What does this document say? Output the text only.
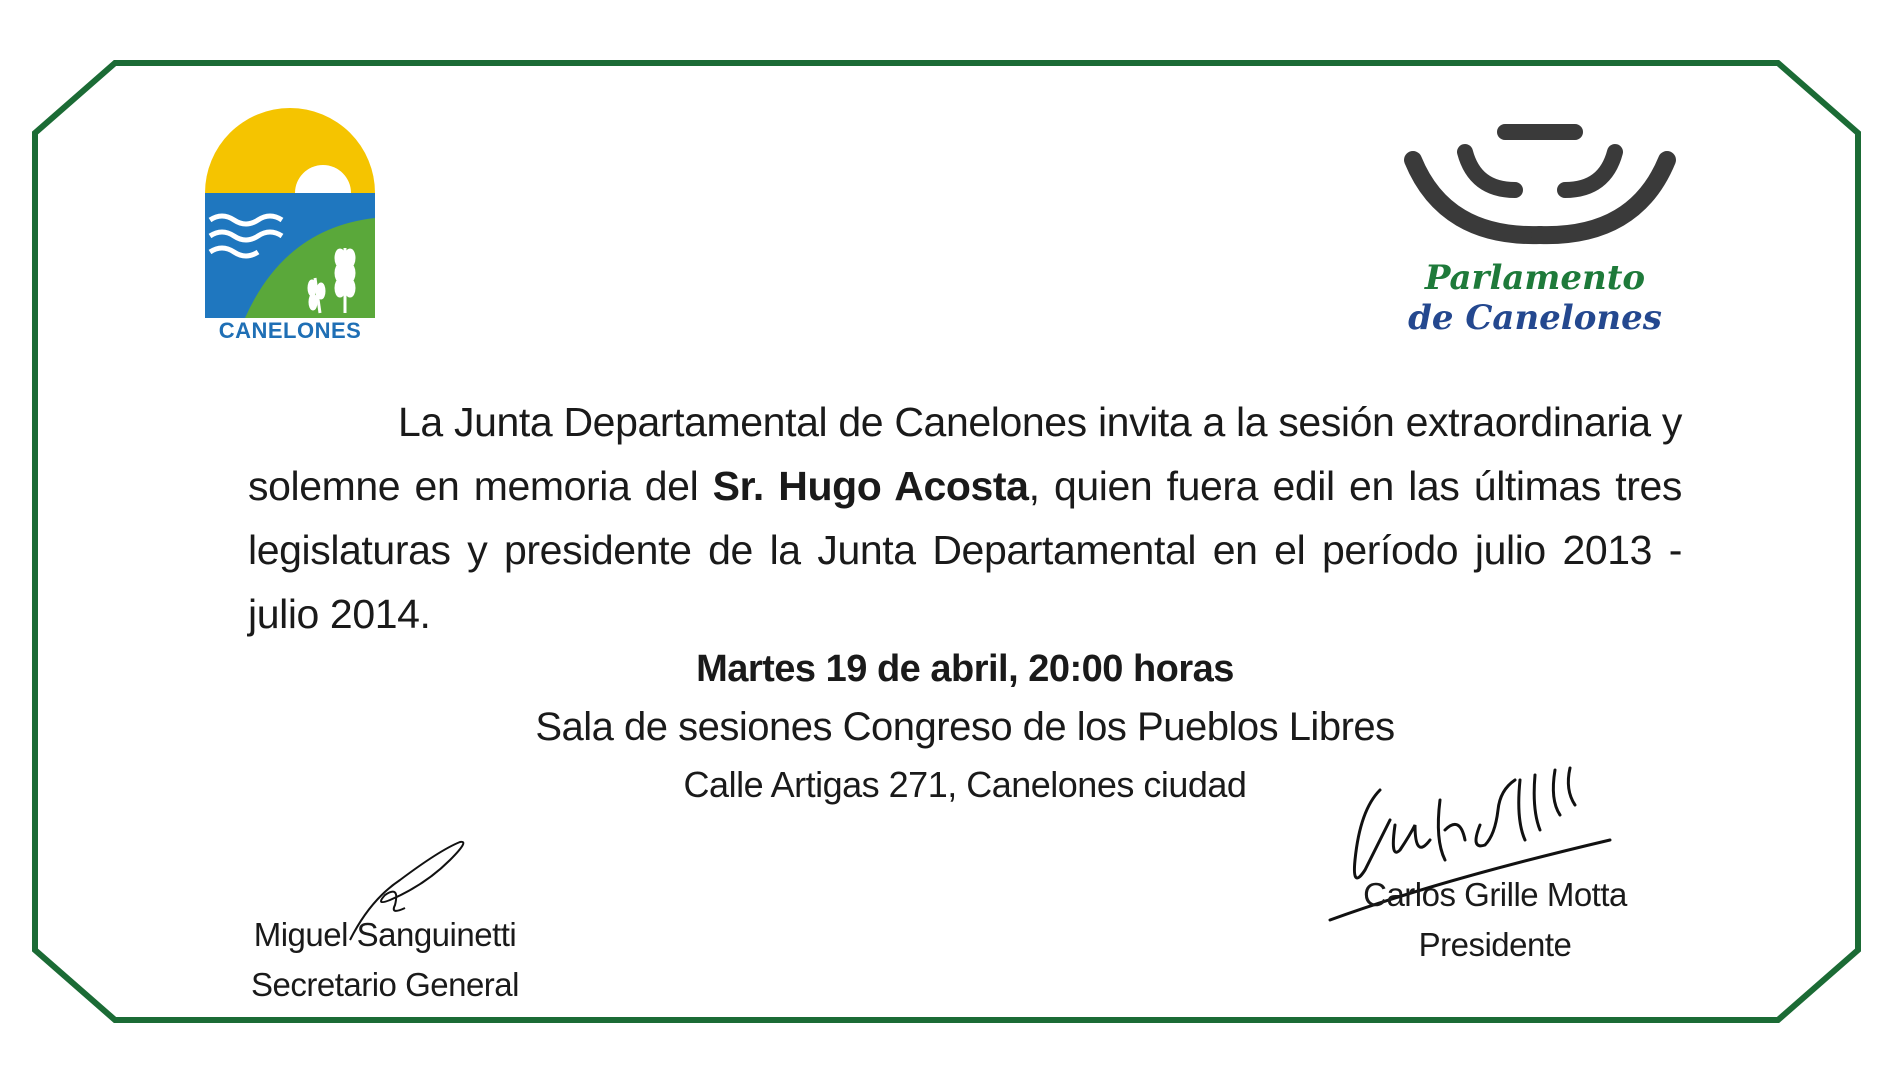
CANELONES
Parlamento
de Canelones
La Junta Departamental de Canelones invita a la sesión extraordinaria y solemne en memoria del Sr. Hugo Acosta, quien fuera edil en las últimas tres legislaturas y presidente de la Junta Departamental en el período julio 2013 - julio 2014.
Martes 19 de abril, 20:00 horas
Sala de sesiones Congreso de los Pueblos Libres
Calle Artigas 271, Canelones ciudad
Miguel Sanguinetti
Secretario General
Carlos Grille Motta
Presidente
